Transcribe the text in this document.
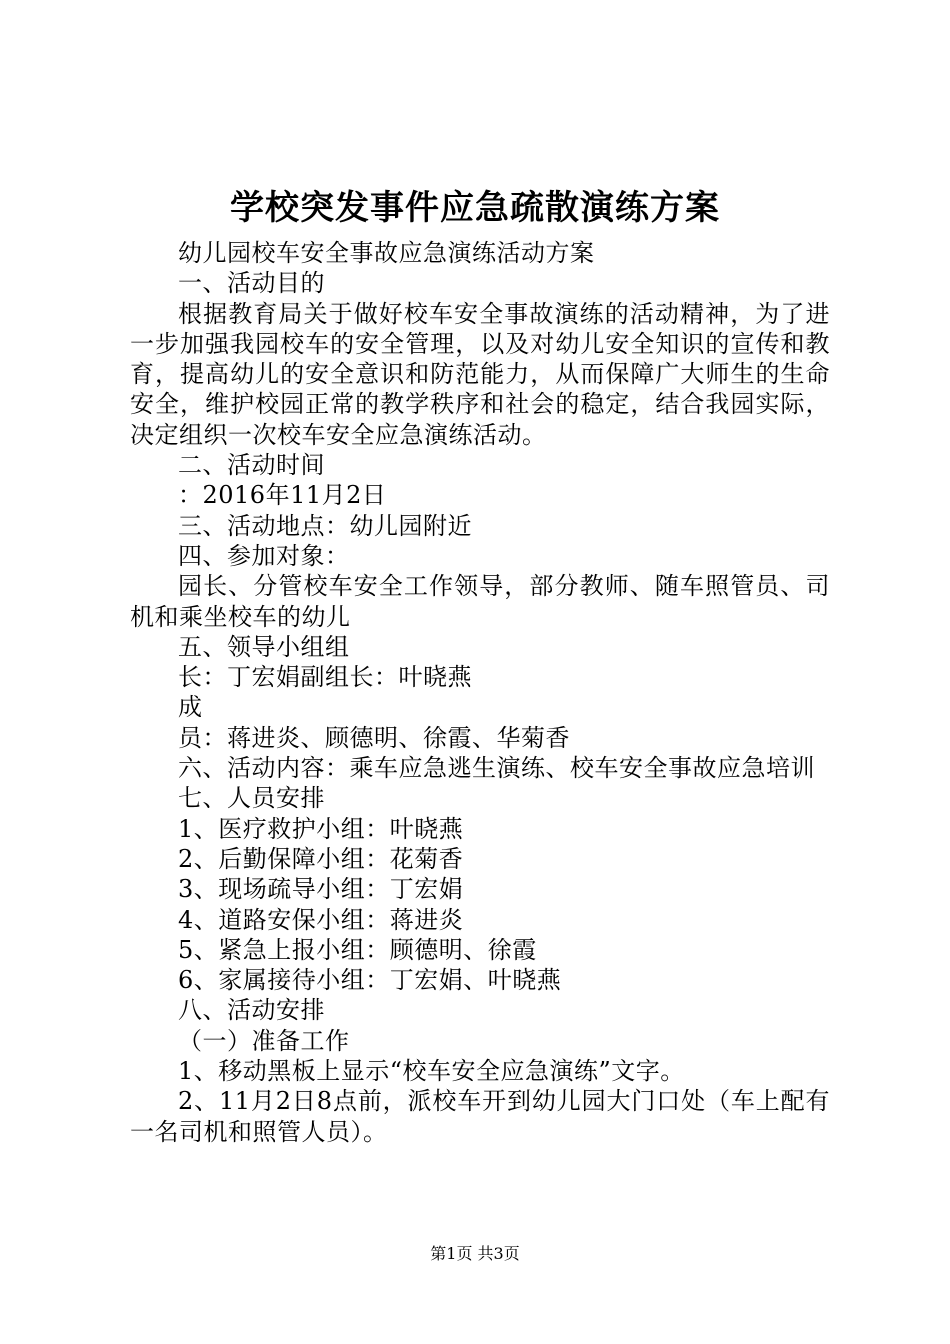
学校突发事件应急疏散演练方案

幼儿园校车安全事故应急演练活动方案

一、活动目的

根据教育局关于做好校车安全事故演练的活动精神，为了进一步加强我园校车的安全管理，以及对幼儿安全知识的宣传和教育，提高幼儿的安全意识和防范能力，从而保障广大师生的生命安全，维护校园正常的教学秩序和社会的稳定，结合我园实际，决定组织一次校车安全应急演练活动。

二、活动时间

：2016年11月2日

三、活动地点：幼儿园附近

四、参加对象：

园长、分管校车安全工作领导，部分教师、随车照管员、司机和乘坐校车的幼儿

五、领导小组组

长：丁宏娟副组长：叶晓燕

成

员：蒋进炎、顾德明、徐霞、华菊香

六、活动内容：乘车应急逃生演练、校车安全事故应急培训

七、人员安排

1、医疗救护小组：叶晓燕

2、后勤保障小组：花菊香

3、现场疏导小组：丁宏娟

4、道路安保小组：蒋进炎

5、紧急上报小组：顾德明、徐霞

6、家属接待小组：丁宏娟、叶晓燕

八、活动安排

（一）准备工作

1、移动黑板上显示“校车安全应急演练”文字。

2、11月2日8点前，派校车开到幼儿园大门口处（车上配有一名司机和照管人员）。

第1页 共3页
